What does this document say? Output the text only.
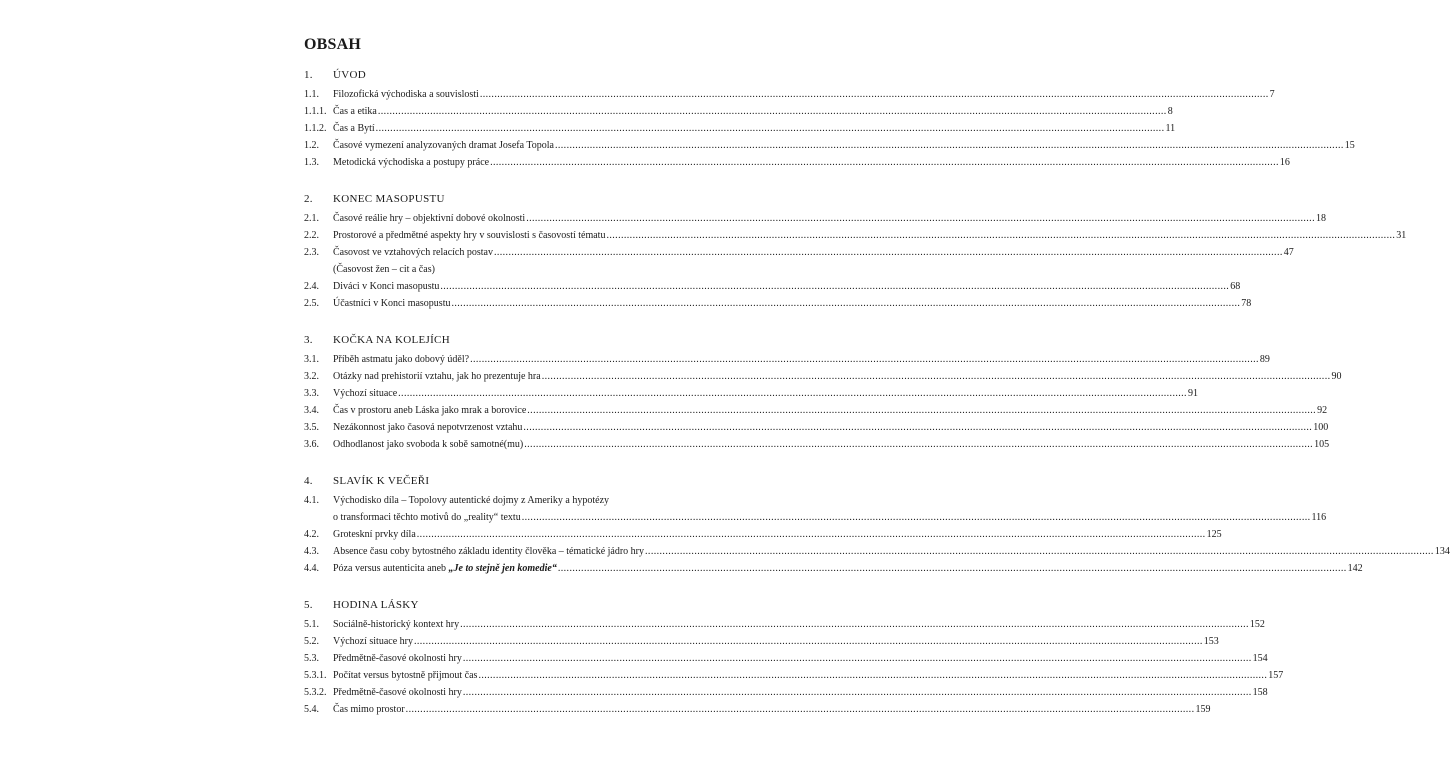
OBSAH
1.	ÚVOD
1.1.	Filozofická východiska a souvislosti .....	7
1.1.1. Čas a etika .....	8
1.1.2. Čas a Bytí .....	11
1.2.	Časové vymezení analyzovaných dramat Josefa Topola .....	15
1.3.	Metodická východiska a postupy práce .....	16
2.	KONEC MASOPUSTU
2.1.	Časové reálie hry – objektivní dobové okolnosti .....	18
2.2.	Prostorové a předmětné aspekty hry v souvislosti s časovostí tématu .....	31
2.3.	Časovost ve vztahových relacích postav .....	47
(Časovost žen – cit a čas)
2.4.	Diváci v Konci masopustu .....	68
2.5.	Účastníci v Konci masopustu .....	78
3.	KOČKA NA KOLEJÍCH
3.1.	Příběh astmatu jako dobový úděl? .....	89
3.2.	Otázky nad prehistorií vztahu, jak ho prezentuje hra .....	90
3.3.	Výchozí situace .....	91
3.4.	Čas v prostoru aneb Láska jako mrak a borovice .....	92
3.5.	Nezákonnost jako časová nepotvrzenost vztahu .....	100
3.6.	Odhodlanost jako svoboda k sobě samotné(mu) .....	105
4.	SLAVÍK K VEČEŘI
4.1.	Východisko díla – Topolovy autentické dojmy z Ameriky a hypotézy
o transformaci těchto motivů do „reality“ textu .....	116
4.2.	Groteskní prvky díla .....	125
4.3.	Absence času coby bytostného základu identity člověka – tématické jádro hry .....	134
4.4.	Póza versus autenticita aneb „Je to stejně jen komedie“ .....	142
5.	HODINA LÁSKY
5.1.	Sociálně-historický kontext hry .....	152
5.2.	Výchozí situace hry .....	153
5.3.	Předmětně-časové okolnosti hry .....	154
5.3.1. Počítat versus bytostně přijmout čas .....	157
5.3.2. Předmětně-časové okolnosti hry .....	158
5.4.	Čas mimo prostor .....	159
